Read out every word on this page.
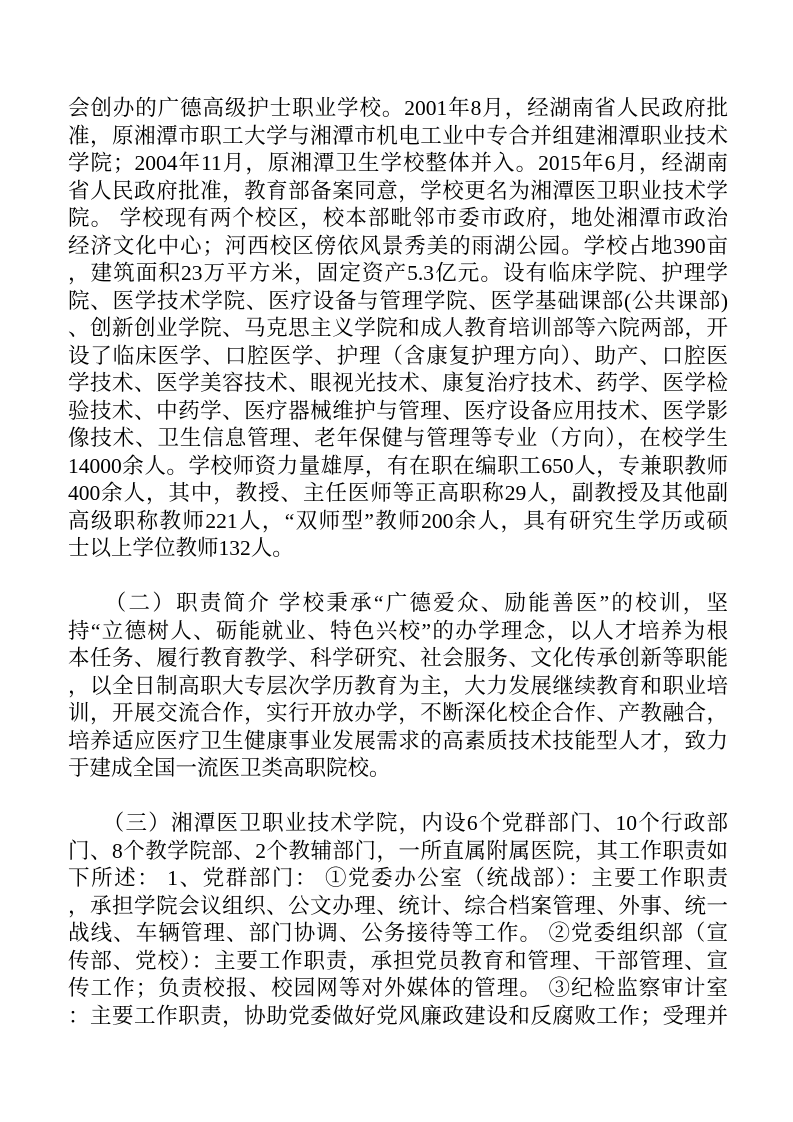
会创办的广德高级护士职业学校。2001年8月，经湖南省人民政府批
准，原湘潭市职工大学与湘潭市机电工业中专合并组建湘潭职业技术
学院；2004年11月，原湘潭卫生学校整体并入。2015年6月，经湖南
省人民政府批准，教育部备案同意，学校更名为湘潭医卫职业技术学
院。 学校现有两个校区，校本部毗邻市委市政府，地处湘潭市政治
经济文化中心；河西校区傍依风景秀美的雨湖公园。学校占地390亩
，建筑面积23万平方米，固定资产5.3亿元。设有临床学院、护理学
院、医学技术学院、医疗设备与管理学院、医学基础课部(公共课部)
、创新创业学院、马克思主义学院和成人教育培训部等六院两部，开
设了临床医学、口腔医学、护理（含康复护理方向）、助产、口腔医
学技术、医学美容技术、眼视光技术、康复治疗技术、药学、医学检
验技术、中药学、医疗器械维护与管理、医疗设备应用技术、医学影
像技术、卫生信息管理、老年保健与管理等专业（方向），在校学生
14000余人。学校师资力量雄厚，有在职在编职工650人，专兼职教师
400余人，其中，教授、主任医师等正高职称29人，副教授及其他副
高级职称教师221人，“双师型”教师200余人，具有研究生学历或硕
士以上学位教师132人。
　　（二）职责简介 学校秉承“广德爱众、励能善医”的校训，坚
持“立德树人、砺能就业、特色兴校”的办学理念，以人才培养为根
本任务、履行教育教学、科学研究、社会服务、文化传承创新等职能
，以全日制高职大专层次学历教育为主，大力发展继续教育和职业培
训，开展交流合作，实行开放办学，不断深化校企合作、产教融合，
培养适应医疗卫生健康事业发展需求的高素质技术技能型人才，致力
于建成全国一流医卫类高职院校。
　　（三）湘潭医卫职业技术学院，内设6个党群部门、10个行政部
门、8个教学院部、2个教辅部门，一所直属附属医院，其工作职责如
下所述： 1、党群部门： ①党委办公室（统战部）：主要工作职责
，承担学院会议组织、公文办理、统计、综合档案管理、外事、统一
战线、车辆管理、部门协调、公务接待等工作。 ②党委组织部（宣
传部、党校）：主要工作职责，承担党员教育和管理、干部管理、宣
传工作；负责校报、校园网等对外媒体的管理。 ③纪检监察审计室
：主要工作职责，协助党委做好党风廉政建设和反腐败工作；受理并
